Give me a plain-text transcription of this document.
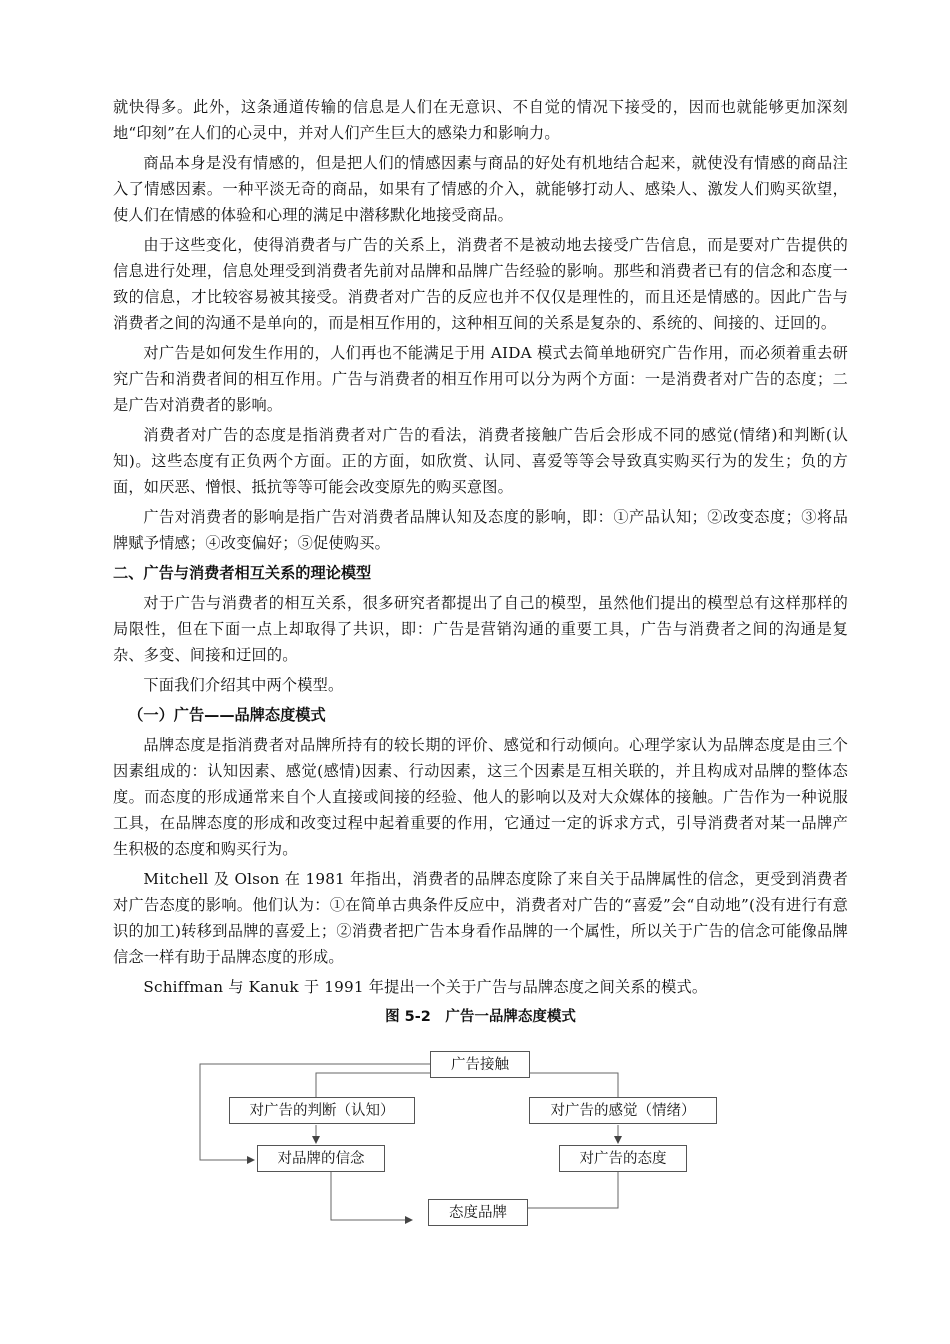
就快得多。此外，这条通道传输的信息是人们在无意识、不自觉的情况下接受的，因而也就能够更加深刻地“印刻”在人们的心灵中，并对人们产生巨大的感染力和影响力。

商品本身是没有情感的，但是把人们的情感因素与商品的好处有机地结合起来，就使没有情感的商品注入了情感因素。一种平淡无奇的商品，如果有了情感的介入，就能够打动人、感染人、激发人们购买欲望，使人们在情感的体验和心理的满足中潜移默化地接受商品。

由于这些变化，使得消费者与广告的关系上，消费者不是被动地去接受广告信息，而是要对广告提供的信息进行处理，信息处理受到消费者先前对品牌和品牌广告经验的影响。那些和消费者已有的信念和态度一致的信息，才比较容易被其接受。消费者对广告的反应也并不仅仅是理性的，而且还是情感的。因此广告与消费者之间的沟通不是单向的，而是相互作用的，这种相互间的关系是复杂的、系统的、间接的、迂回的。

对广告是如何发生作用的，人们再也不能满足于用 AIDA 模式去简单地研究广告作用，而必须着重去研究广告和消费者间的相互作用。广告与消费者的相互作用可以分为两个方面：一是消费者对广告的态度；二是广告对消费者的影响。

消费者对广告的态度是指消费者对广告的看法，消费者接触广告后会形成不同的感觉(情绪)和判断(认知)。这些态度有正负两个方面。正的方面，如欣赏、认同、喜爱等等会导致真实购买行为的发生；负的方面，如厌恶、憎恨、抵抗等等可能会改变原先的购买意图。

广告对消费者的影响是指广告对消费者品牌认知及态度的影响，即：①产品认知；②改变态度；③将品牌赋予情感；④改变偏好；⑤促使购买。

二、广告与消费者相互关系的理论模型

对于广告与消费者的相互关系，很多研究者都提出了自己的模型，虽然他们提出的模型总有这样那样的局限性，但在下面一点上却取得了共识，即：广告是营销沟通的重要工具，广告与消费者之间的沟通是复杂、多变、间接和迂回的。

下面我们介绍其中两个模型。

（一）广告——品牌态度模式

品牌态度是指消费者对品牌所持有的较长期的评价、感觉和行动倾向。心理学家认为品牌态度是由三个因素组成的：认知因素、感觉(感情)因素、行动因素，这三个因素是互相关联的，并且构成对品牌的整体态度。而态度的形成通常来自个人直接或间接的经验、他人的影响以及对大众媒体的接触。广告作为一种说服工具，在品牌态度的形成和改变过程中起着重要的作用，它通过一定的诉求方式，引导消费者对某一品牌产生积极的态度和购买行为。

Mitchell 及 Olson 在 1981 年指出，消费者的品牌态度除了来自关于品牌属性的信念，更受到消费者对广告态度的影响。他们认为：①在简单古典条件反应中，消费者对广告的“喜爱”会“自动地”(没有进行有意识的加工)转移到品牌的喜爱上；②消费者把广告本身看作品牌的一个属性，所以关于广告的信念可能像品牌信念一样有助于品牌态度的形成。

Schiffman 与 Kanuk 于 1991 年提出一个关于广告与品牌态度之间关系的模式。

图 5-2　广告一品牌态度模式
广告接触
对广告的判断（认知）	对广告的感觉（情绪）
对品牌的信念	对广告的态度
态度品牌
